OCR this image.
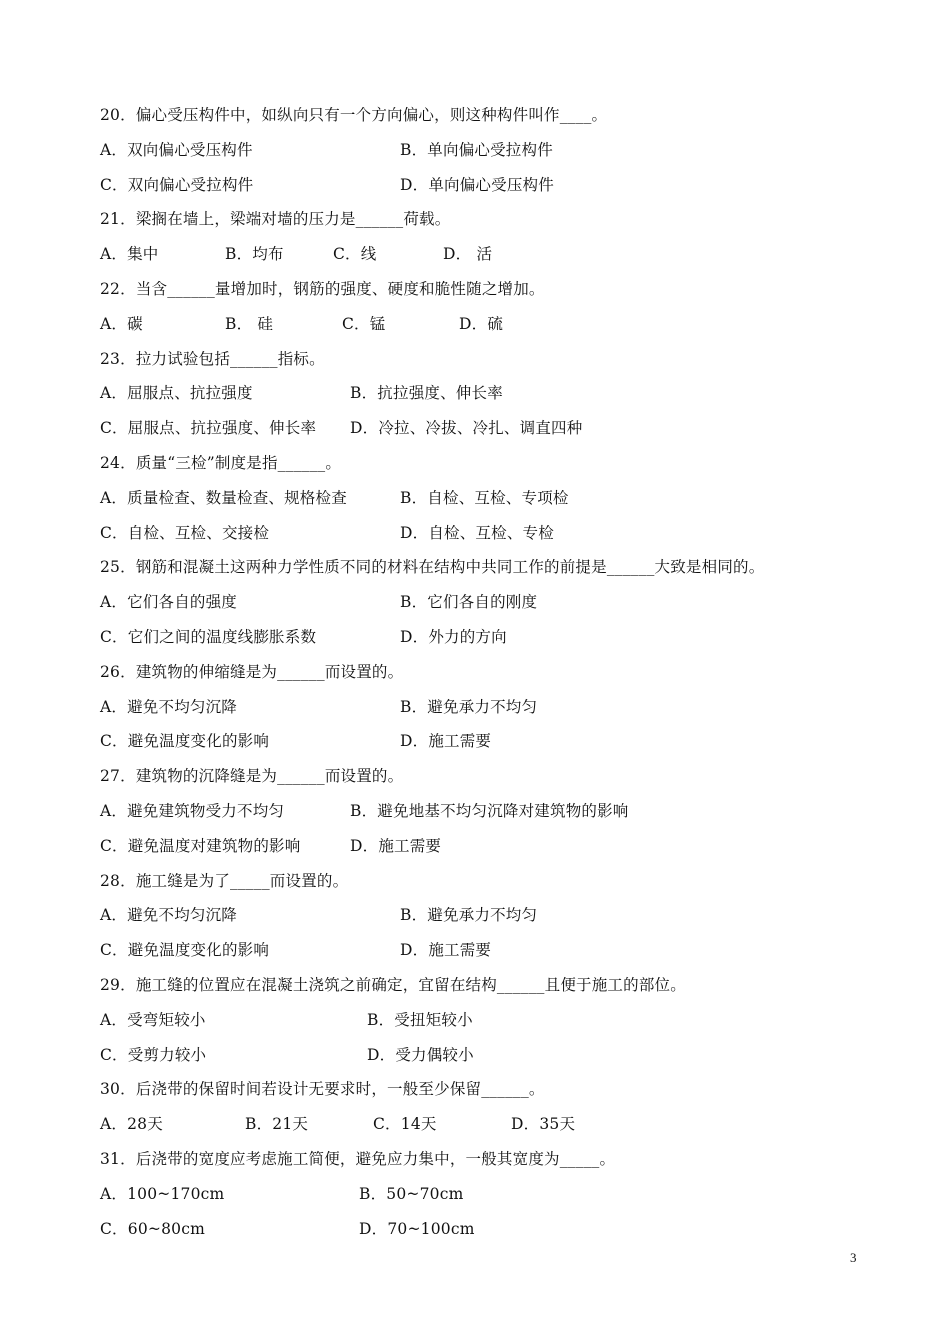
20．偏心受压构件中，如纵向只有一个方向偏心，则这种构件叫作____。
A．双向偏心受压构件	B．单向偏心受拉构件
C．双向偏心受拉构件	D．单向偏心受压构件
21．梁搁在墙上，梁端对墙的压力是______荷载。
A．集中	B．均布	C．线	D． 活
22．当含______量增加时，钢筋的强度、硬度和脆性随之增加。
A．碳	B． 硅	C．锰	D．硫
23．拉力试验包括______指标。
A．屈服点、抗拉强度	B．抗拉强度、伸长率
C．屈服点、抗拉强度、伸长率 D．冷拉、冷拔、冷扎、调直四种
24．质量“三检”制度是指______。
A．质量检查、数量检查、规格检查	B．自检、互检、专项检
C．自检、互检、交接检	D．自检、互检、专检
25．钢筋和混凝土这两种力学性质不同的材料在结构中共同工作的前提是______大致是相同的。
A．它们各自的强度	B．它们各自的刚度
C．它们之间的温度线膨胀系数	D．外力的方向
26．建筑物的伸缩缝是为______而设置的。
A．避免不均匀沉降	B．避免承力不均匀
C．避免温度变化的影响	D．施工需要
27．建筑物的沉降缝是为______而设置的。
A．避免建筑物受力不均匀	B．避免地基不均匀沉降对建筑物的影响
C．避免温度对建筑物的影响	D．施工需要
28．施工缝是为了_____而设置的。
A．避免不均匀沉降	B．避免承力不均匀
C．避免温度变化的影响	D．施工需要
29．施工缝的位置应在混凝土浇筑之前确定，宜留在结构______且便于施工的部位。
A．受弯矩较小	B．受扭矩较小
C．受剪力较小	D．受力偶较小
30．后浇带的保留时间若设计无要求时，一般至少保留______。
A．28天	B．21天	C．14天	D．35天
31．后浇带的宽度应考虑施工简便，避免应力集中，一般其宽度为_____。
A．100~170cm	B．50~70cm
C．60~80cm	D．70~100cm
3
